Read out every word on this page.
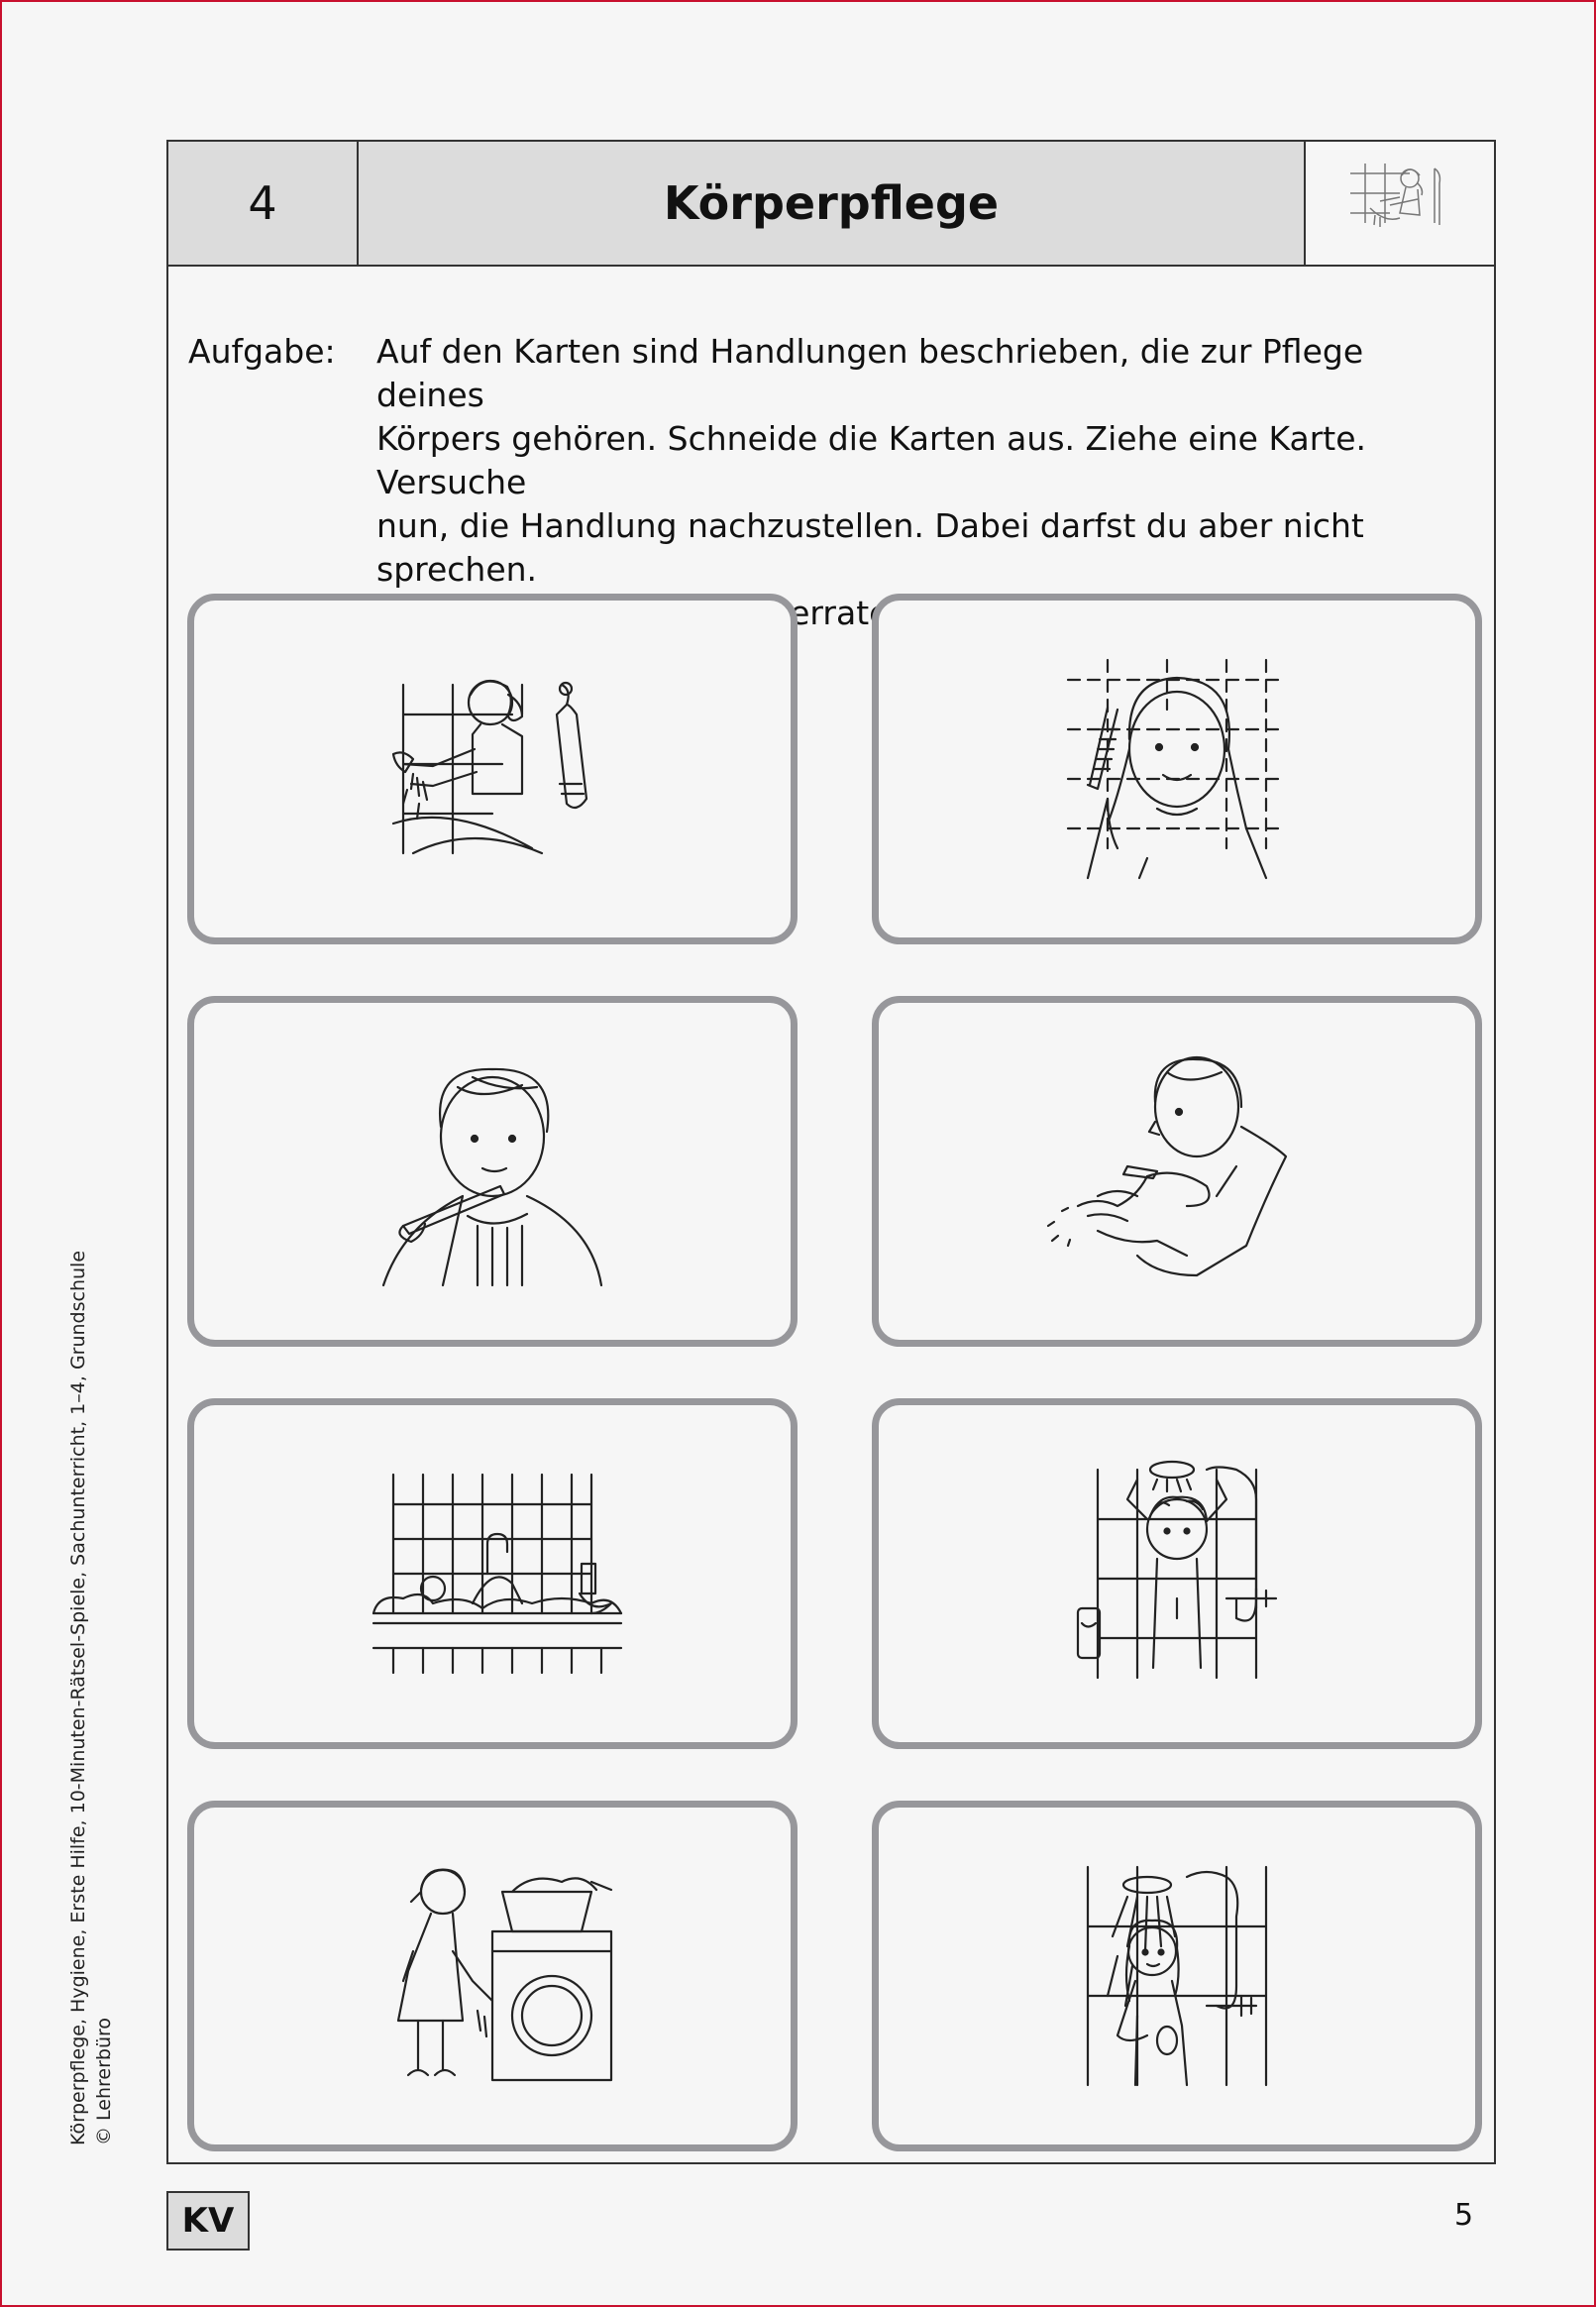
4	Körperpflege
Aufgabe: Auf den Karten sind Handlungen beschrieben, die zur Pflege deines
Körpers gehören. Schneide die Karten aus. Ziehe eine Karte. Versuche
nun, die Handlung nachzustellen. Dabei darfst du aber nicht sprechen.
erraten,
Körperpflege, Hygiene, Erste Hilfe, 10-Minuten-Rätsel-Spiele, Sachunterricht, 1–4, Grundschule © Lehrerbüro
KV	5
